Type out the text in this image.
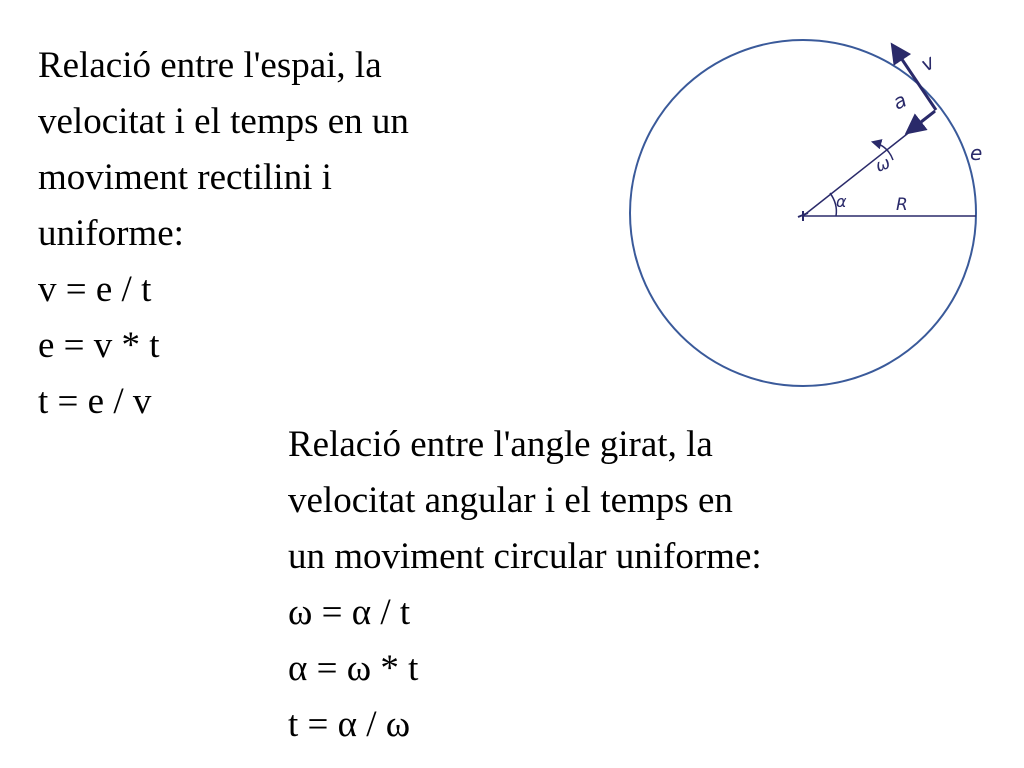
Relació entre l'espai, la
velocitat i el temps en un
moviment rectilini i
uniforme:
v = e / t
e = v * t
t = e / v
Relació entre l'angle girat, la
velocitat angular i el temps en
un moviment circular uniforme:
ω = α / t
α = ω * t
t = α / ω
v
a
e
ω
α	R
